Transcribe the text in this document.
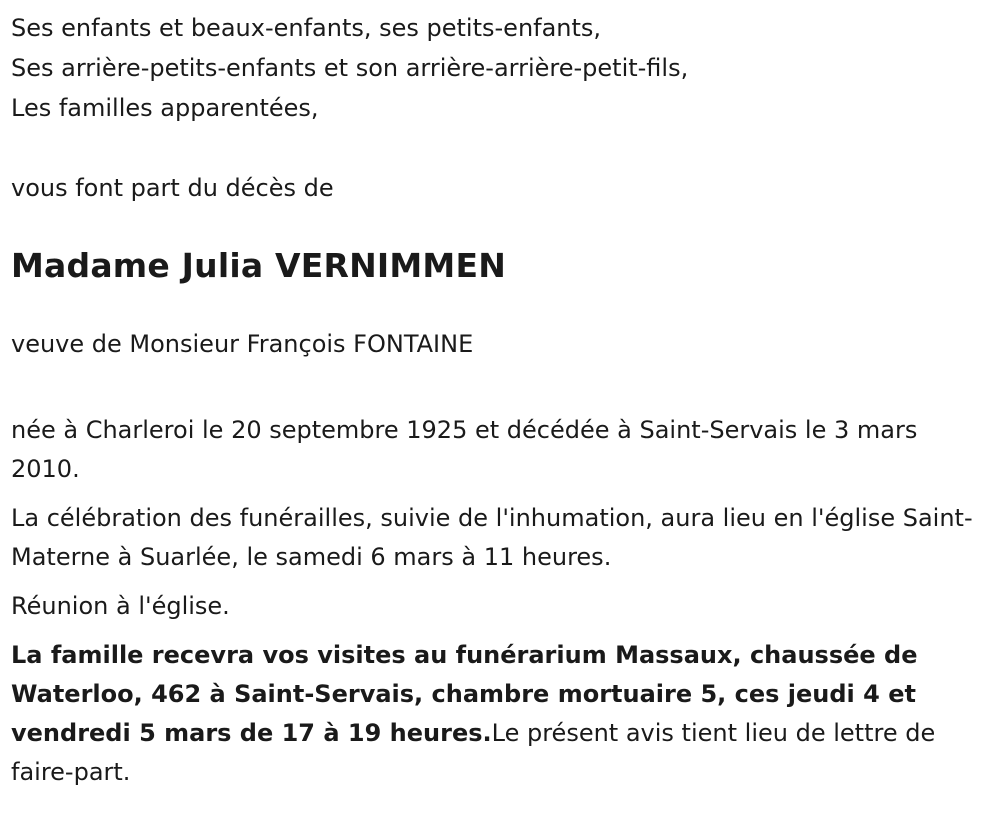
Ses enfants et beaux-enfants, ses petits-enfants,
Ses arrière-petits-enfants et son arrière-arrière-petit-fils,
Les familles apparentées,
vous font part du décès de
Madame Julia VERNIMMEN
veuve de Monsieur François FONTAINE
née à Charleroi le 20 septembre 1925 et décédée à Saint-Servais le 3 mars 2010.
La célébration des funérailles, suivie de l'inhumation, aura lieu en l'église Saint-Materne à Suarlée, le samedi 6 mars à 11 heures.
Réunion à l'église.
La famille recevra vos visites au funérarium Massaux, chaussée de Waterloo, 462 à Saint-Servais, chambre mortuaire 5, ces jeudi 4 et vendredi 5 mars de 17 à 19 heures.Le présent avis tient lieu de lettre de faire-part.
